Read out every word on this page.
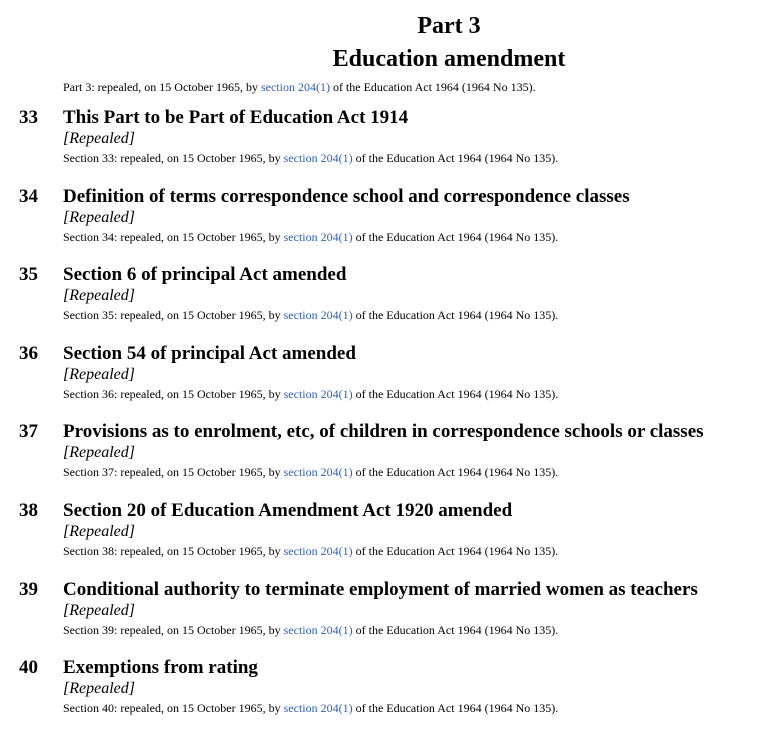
Part 3
Education amendment
Part 3: repealed, on 15 October 1965, by section 204(1) of the Education Act 1964 (1964 No 135).
33 This Part to be Part of Education Act 1914
[Repealed]
Section 33: repealed, on 15 October 1965, by section 204(1) of the Education Act 1964 (1964 No 135).
34 Definition of terms correspondence school and correspondence classes
[Repealed]
Section 34: repealed, on 15 October 1965, by section 204(1) of the Education Act 1964 (1964 No 135).
35 Section 6 of principal Act amended
[Repealed]
Section 35: repealed, on 15 October 1965, by section 204(1) of the Education Act 1964 (1964 No 135).
36 Section 54 of principal Act amended
[Repealed]
Section 36: repealed, on 15 October 1965, by section 204(1) of the Education Act 1964 (1964 No 135).
37 Provisions as to enrolment, etc, of children in correspondence schools or classes
[Repealed]
Section 37: repealed, on 15 October 1965, by section 204(1) of the Education Act 1964 (1964 No 135).
38 Section 20 of Education Amendment Act 1920 amended
[Repealed]
Section 38: repealed, on 15 October 1965, by section 204(1) of the Education Act 1964 (1964 No 135).
39 Conditional authority to terminate employment of married women as teachers
[Repealed]
Section 39: repealed, on 15 October 1965, by section 204(1) of the Education Act 1964 (1964 No 135).
40 Exemptions from rating
[Repealed]
Section 40: repealed, on 15 October 1965, by section 204(1) of the Education Act 1964 (1964 No 135).
